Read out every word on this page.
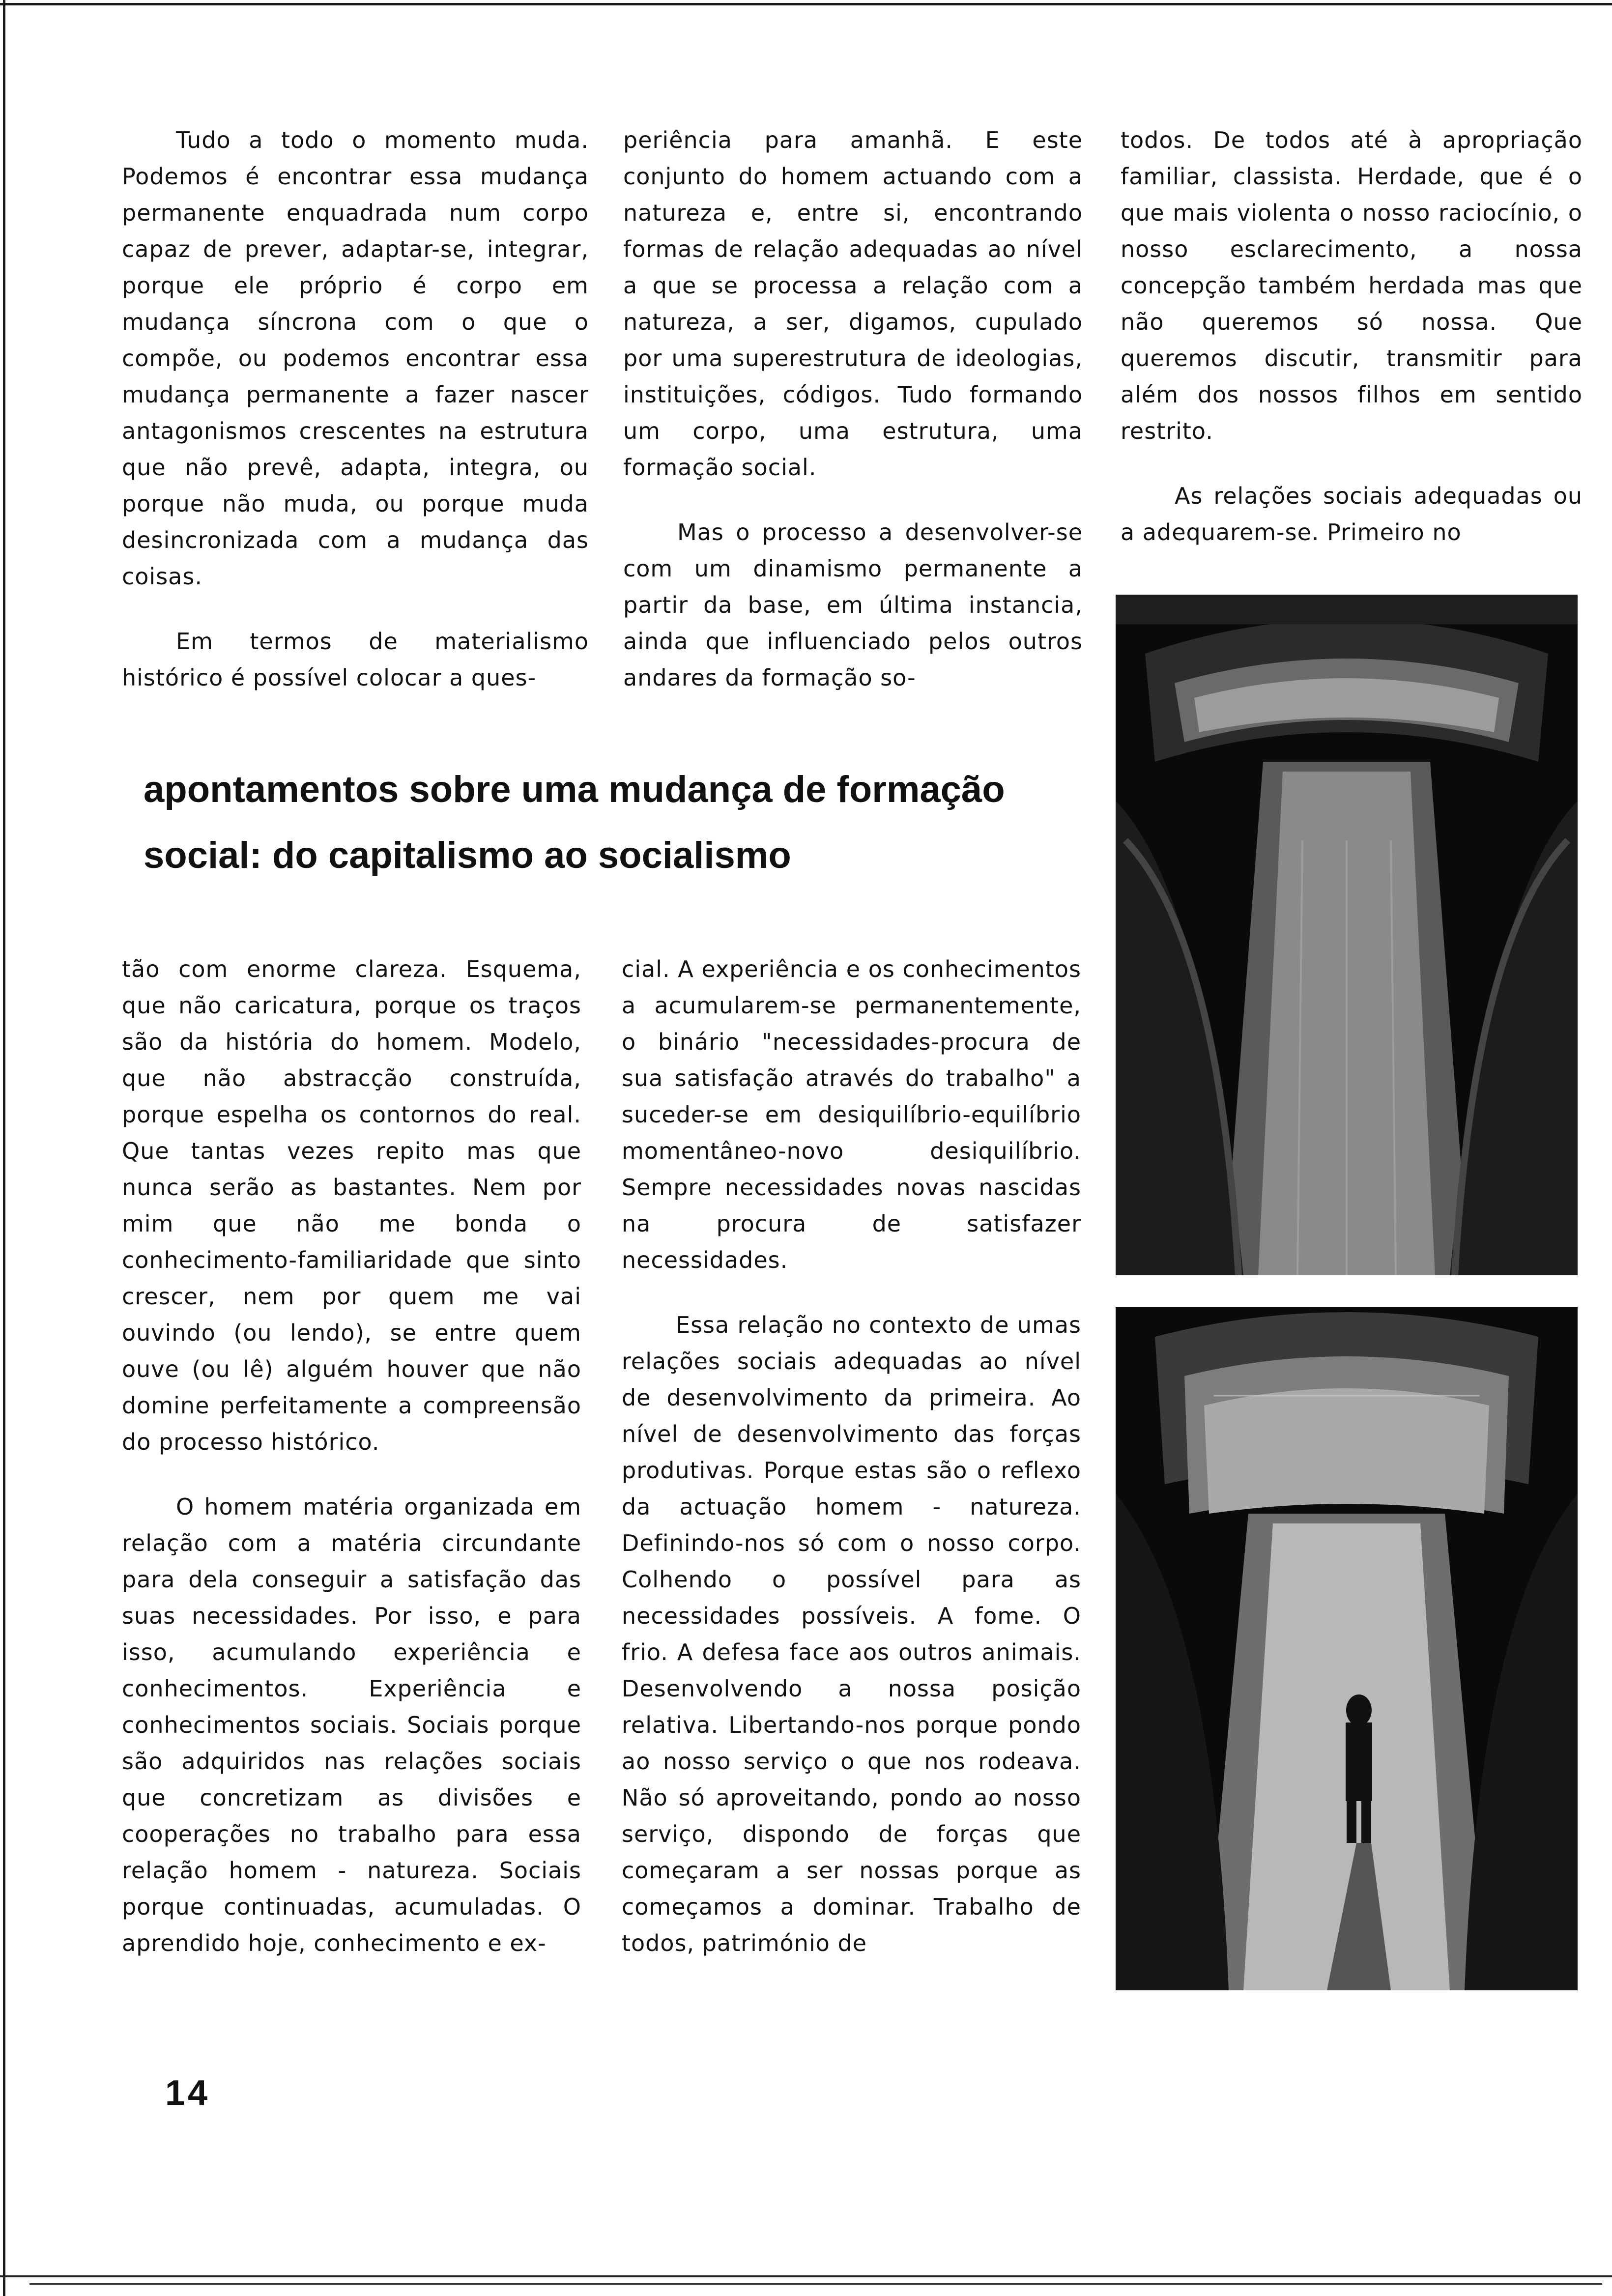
Tudo a todo o momento muda. Podemos é encontrar essa mudança permanente enquadrada num corpo capaz de prever, adaptar-se, integrar, porque ele próprio é corpo em mudança síncrona com o que o compõe, ou podemos encontrar essa mudança permanente a fazer nascer antagonismos crescentes na estrutura que não prevê, adapta, integra, ou porque não muda, ou porque muda desincronizada com a mudança das coisas.

Em termos de materialismo histórico é possível colocar a ques-

periência para amanhã. E este conjunto do homem actuando com a natureza e, entre si, encontrando formas de relação adequadas ao nível a que se processa a relação com a natureza, a ser, digamos, cupulado por uma superestrutura de ideologias, instituições, códigos. Tudo formando um corpo, uma estrutura, uma formação social.

Mas o processo a desenvolver-se com um dinamismo permanente a partir da base, em última instancia, ainda que influenciado pelos outros andares da formação so-

todos. De todos até à apropriação familiar, classista. Herdade, que é o que mais violenta o nosso raciocínio, o nosso esclarecimento, a nossa concepção também herdada mas que não queremos só nossa. Que queremos discutir, transmitir para além dos nossos filhos em sentido restrito.

As relações sociais adequadas ou a adequarem-se. Primeiro no

apontamentos sobre uma mudança de formação
social: do capitalismo ao socialismo

tão com enorme clareza. Esquema, que não caricatura, porque os traços são da história do homem. Modelo, que não abstracção construída, porque espelha os contornos do real. Que tantas vezes repito mas que nunca serão as bastantes. Nem por mim que não me bonda o conhecimento-familiaridade que sinto crescer, nem por quem me vai ouvindo (ou lendo), se entre quem ouve (ou lê) alguém houver que não domine perfeitamente a compreensão do processo histórico.

O homem matéria organizada em relação com a matéria circundante para dela conseguir a satisfação das suas necessidades. Por isso, e para isso, acumulando experiência e conhecimentos. Experiência e conhecimentos sociais. Sociais porque são adquiridos nas relações sociais que concretizam as divisões e cooperações no trabalho para essa relação homem - natureza. Sociais porque continuadas, acumuladas. O aprendido hoje, conhecimento e ex-

cial. A experiência e os conhecimentos a acumularem-se permanentemente, o binário "necessidades-procura de sua satisfação através do trabalho" a suceder-se em desiquilíbrio-equilíbrio momentâneo-novo desiquilíbrio. Sempre necessidades novas nascidas na procura de satisfazer necessidades.

Essa relação no contexto de umas relações sociais adequadas ao nível de desenvolvimento da primeira. Ao nível de desenvolvimento das forças produtivas. Porque estas são o reflexo da actuação homem - natureza. Definindo-nos só com o nosso corpo. Colhendo o possível para as necessidades possíveis. A fome. O frio. A defesa face aos outros animais. Desenvolvendo a nossa posição relativa. Libertando-nos porque pondo ao nosso serviço o que nos rodeava. Não só aproveitando, pondo ao nosso serviço, dispondo de forças que começaram a ser nossas porque as começamos a dominar. Trabalho de todos, património de

14
